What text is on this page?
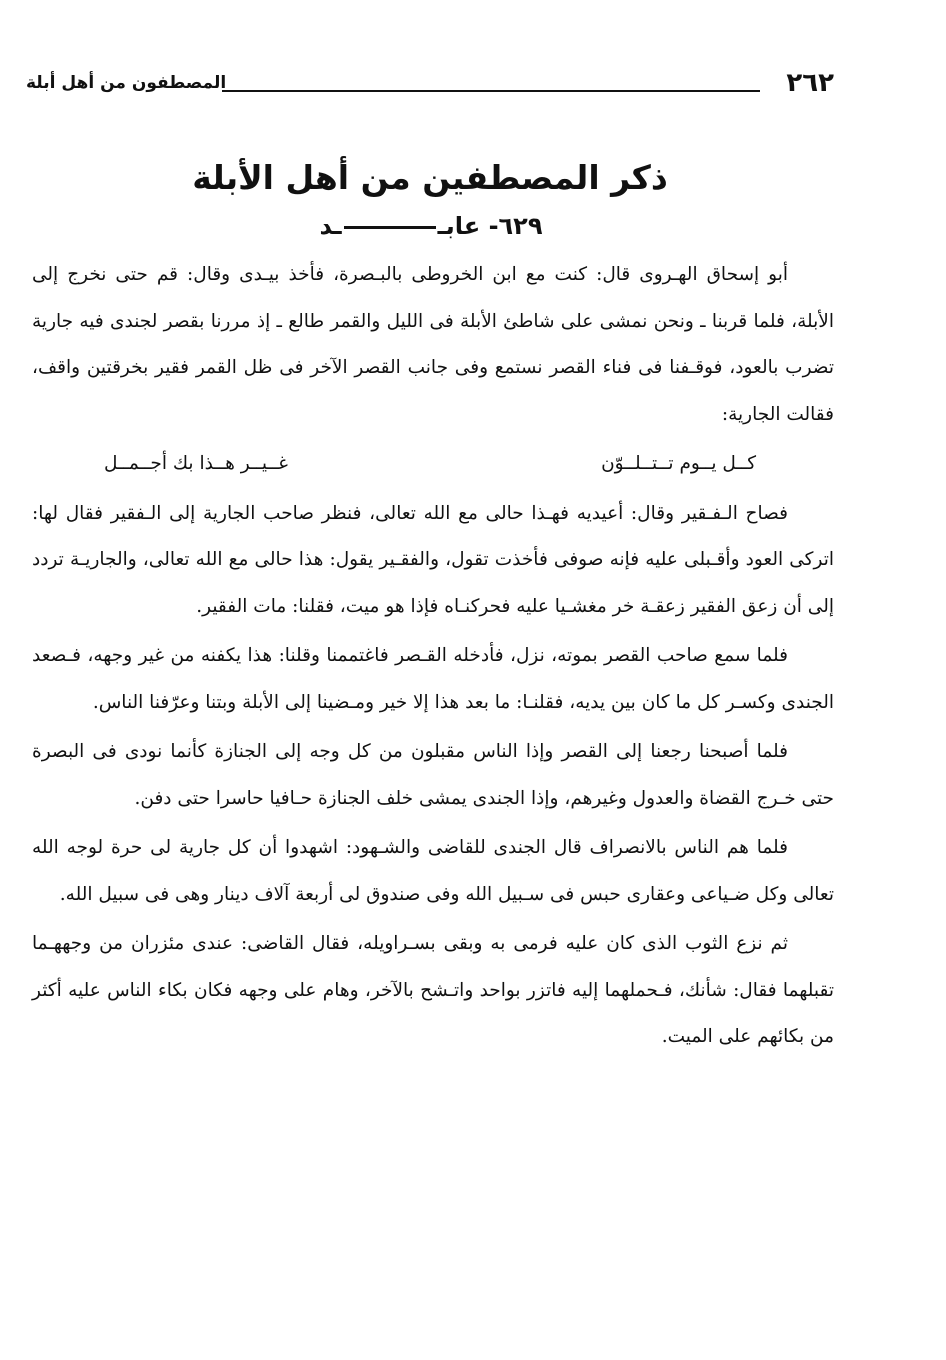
٢٦٢
المصطفون من أهل أبلة
ذكر المصطفين من أهل الأبلة
٦٢٩- عابــد

أبو إسحاق الهـروى قال: كنت مع ابن الخروطى بالبـصرة، فأخذ بيـدى وقال: قم حتى نخرج إلى الأبلة، فلما قربنا ـ ونحن نمشى على شاطئ الأبلة فى الليل والقمر طالع ـ إذ مررنا بقصر لجندى فيه جارية تضرب بالعود، فوقـفنا فى فناء القصر نستمع وفى جانب القصر الآخر فى ظل القمر فقير بخرقتين واقف، فقالت الجارية:

كــل يــوم تــتــلــوّن
غــيــر هــذا بك أجــمــل

فصاح الـفـقير وقال: أعيديه فهـذا حالى مع الله تعالى، فنظر صاحب الجارية إلى الـفقير فقال لها: اتركى العود وأقـبلى عليه فإنه صوفى فأخذت تقول، والفقـير يقول: هذا حالى مع الله تعالى، والجاريـة تردد إلى أن زعق الفقير زعقـة خر مغشـيا عليه فحركنـاه فإذا هو ميت، فقلنا: مات الفقير.

فلما سمع صاحب القصر بموته، نزل، فأدخله القـصر فاغتممنا وقلنا: هذا يكفنه من غير وجهه، فـصعد الجندى وكسـر كل ما كان بين يديه، فقلنـا: ما بعد هذا إلا خير ومـضينا إلى الأبلة وبتنا وعرّفنا الناس.

فلما أصبحنا رجعنا إلى القصر وإذا الناس مقبلون من كل وجه إلى الجنازة كأنما نودى فى البصرة حتى خـرج القضاة والعدول وغيرهم، وإذا الجندى يمشى خلف الجنازة حـافيا حاسرا حتى دفن.

فلما هم الناس بالانصراف قال الجندى للقاضى والشـهود: اشهدوا أن كل جارية لى حرة لوجه الله تعالى وكل ضـياعى وعقارى حبس فى سـبيل الله وفى صندوق لى أربعة آلاف دينار وهى فى سبيل الله.

ثم نزع الثوب الذى كان عليه فرمى به وبقى بسـراويله، فقال القاضى: عندى مئزران من وجههـما تقبلهما فقال: شأنك، فـحملهما إليه فاتزر بواحد واتـشح بالآخر، وهام على وجهه فكان بكاء الناس عليه أكثر من بكائهم على الميت.
